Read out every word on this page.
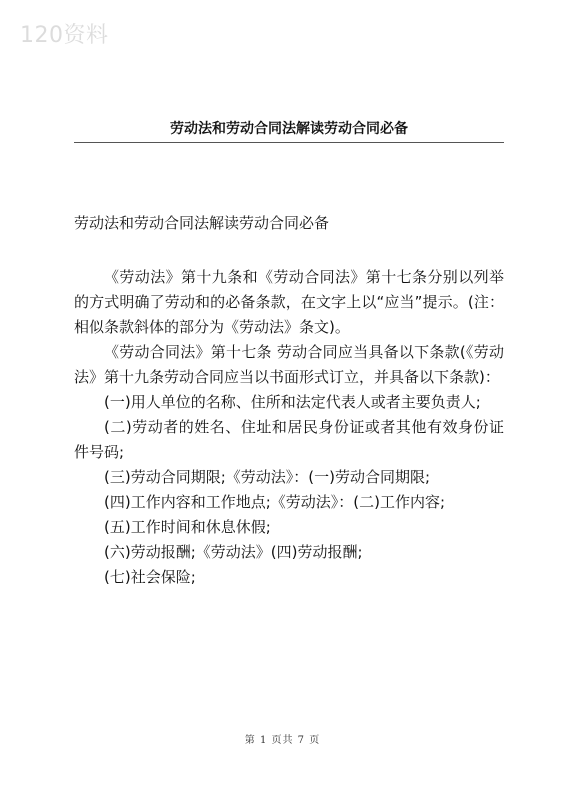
120资料
劳动法和劳动合同法解读劳动合同必备
劳动法和劳动合同法解读劳动合同必备

《劳动法》第十九条和《劳动合同法》第十七条分别以列举的方式明确了劳动和的必备条款，在文字上以“应当”提示。(注：相似条款斜体的部分为《劳动法》条文)。

《劳动合同法》第十七条 劳动合同应当具备以下条款(《劳动法》第十九条劳动合同应当以书面形式订立，并具备以下条款)：

(一)用人单位的名称、住所和法定代表人或者主要负责人;

(二)劳动者的姓名、住址和居民身份证或者其他有效身份证件号码;

(三)劳动合同期限;《劳动法》：(一)劳动合同期限;

(四)工作内容和工作地点;《劳动法》：(二)工作内容;

(五)工作时间和休息休假;

(六)劳动报酬;《劳动法》(四)劳动报酬;

(七)社会保险;

第 1 页共 7 页
